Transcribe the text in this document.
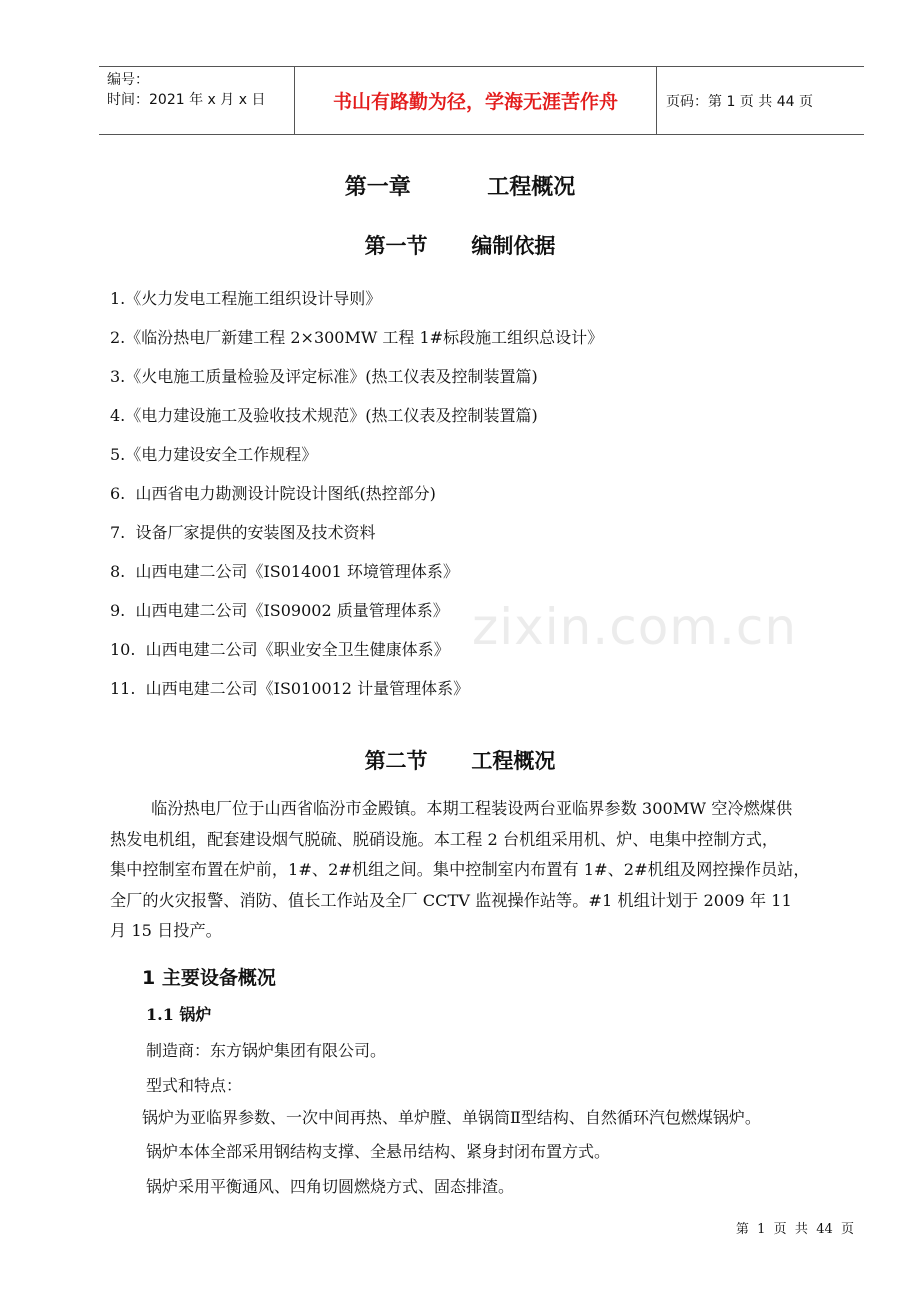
编号：
时间：2021 年 x 月 x 日	书山有路勤为径，学海无涯苦作舟	页码：第 1 页 共 44 页
第一章          工程概况
第一节      编制依据
1.《火力发电工程施工组织设计导则》
2.《临汾热电厂新建工程 2×300MW 工程 1#标段施工组织总设计》
3.《火电施工质量检验及评定标准》(热工仪表及控制装置篇)
4.《电力建设施工及验收技术规范》(热工仪表及控制装置篇)
5.《电力建设安全工作规程》
6.  山西省电力勘测设计院设计图纸(热控部分)
7.  设备厂家提供的安装图及技术资料
8.  山西电建二公司《IS014001 环境管理体系》
9.  山西电建二公司《IS09002 质量管理体系》
10.  山西电建二公司《职业安全卫生健康体系》
11.  山西电建二公司《IS010012 计量管理体系》
zixin.com.cn
第二节      工程概况
临汾热电厂位于山西省临汾市金殿镇。本期工程装设两台亚临界参数 300MW 空冷燃煤供
热发电机组，配套建设烟气脱硫、脱硝设施。本工程 2 台机组采用机、炉、电集中控制方式，
集中控制室布置在炉前，1#、2#机组之间。集中控制室内布置有 1#、2#机组及网控操作员站，
全厂的火灾报警、消防、值长工作站及全厂 CCTV 监视操作站等。#1 机组计划于 2009 年 11
月 15 日投产。
1 主要设备概况
1.1 锅炉
制造商：东方锅炉集团有限公司。
型式和特点：
锅炉为亚临界参数、一次中间再热、单炉膛、单锅筒Ⅱ型结构、自然循环汽包燃煤锅炉。
锅炉本体全部采用钢结构支撑、全悬吊结构、紧身封闭布置方式。
锅炉采用平衡通风、四角切圆燃烧方式、固态排渣。
第  1  页  共  44  页
